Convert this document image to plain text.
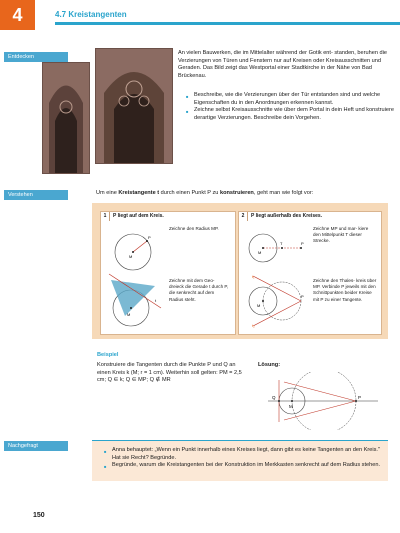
4	4.7 Kreistangenten
Entdecken
An vielen Bauwerken, die im Mittelalter während der Gotik ent- standen, beruhen die Verzierungen von Türen und Fenstern nur auf Kreisen oder Kreisausschnitten und Geraden. Das Bild zeigt das Westportal einer Stadtkirche in der Nähe von Bad Brückenau.
■ Beschreibe, wie die Verzierungen über der Tür entstanden sind und welche Eigenschaften du in den Anordnungen erkennen kannst.
■ Zeichne selbst Kreisausschnitte wie über dem Portal in dein Heft und konstruiere derartige Verzierungen. Beschreibe dein Vorgehen.
Verstehen	Um eine Kreistangente t durch einen Punkt P zu konstruieren, geht man wie folgt vor:
1 P liegt auf dem Kreis.
M
P
Zeichne den Radius MP.
M
t
Zeichne mit dem Geo- dreieck die Gerade t durch P, die senkrecht auf dem Radius steht.
2 P liegt außerhalb des Kreises.
M
T	P
Zeichne MP und mar- kiere den Mittelpunkt T dieser Strecke.
t₁
t₂
M
P
Zeichne den Thales- kreis über MP. Verbinde P jeweils mit den Schnittpunkten beider Kreise mit P zu einer Tangente.
Beispiel
Konstruiere die Tangenten durch die Punkte P und Q an einen Kreis k (M; r = 1 cm). Weiterhin soll gelten: PM = 2,5 cm; Q ∈ k; Q ∈ MP; Q ∉ MR
Lösung:
Q
M
P
Nachgefragt
■ Anna behauptet: „Wenn ein Punkt innerhalb eines Kreises liegt, dann gibt es keine Tangenten an den Kreis." Hat sie Recht? Begründe.
■ Begründe, warum die Kreistangenten bei der Konstruktion im Merkkasten senkrecht auf dem Radius stehen.
150
